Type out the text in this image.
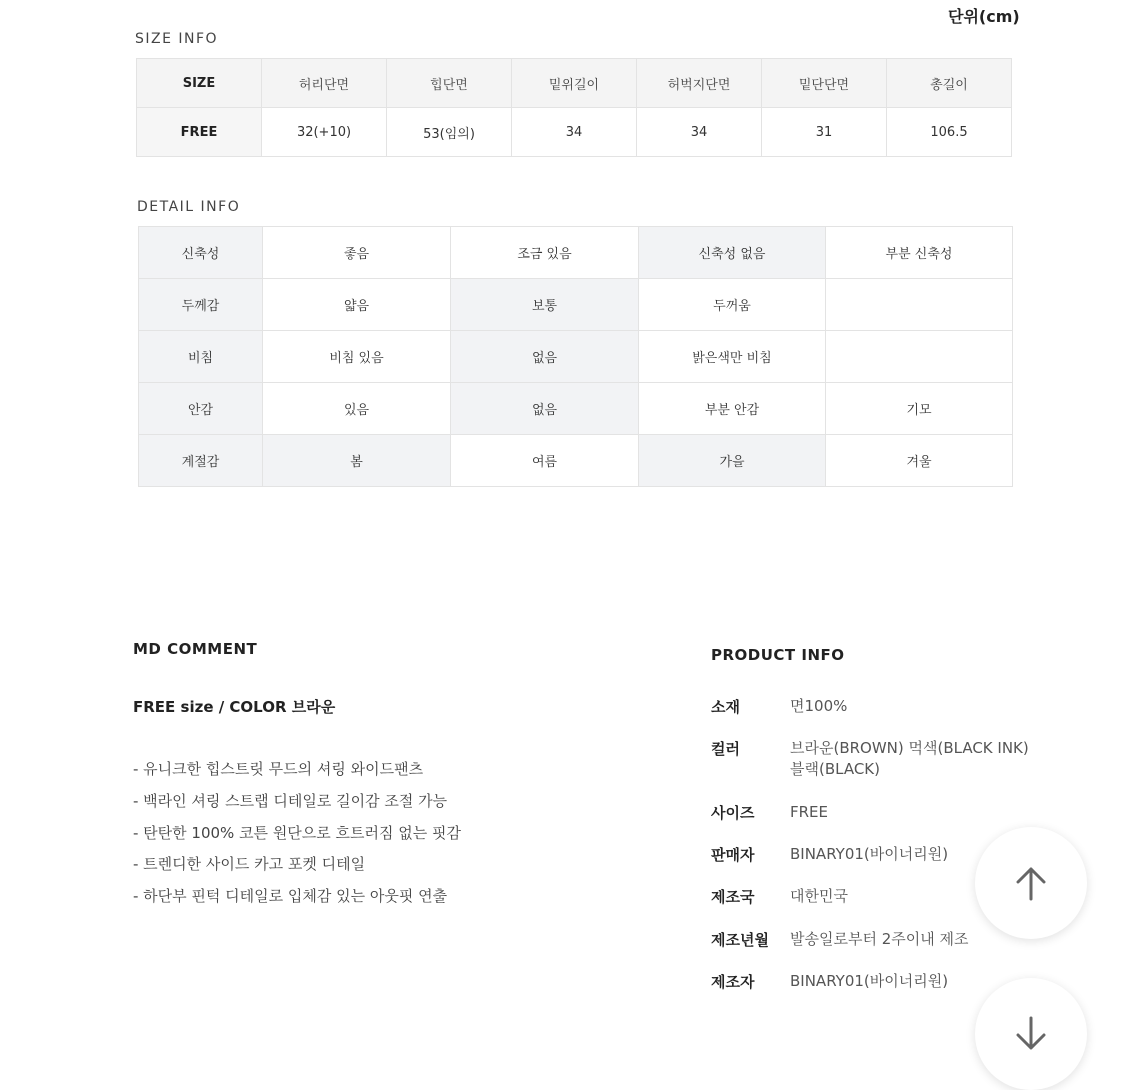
단위(cm)
SIZE INFO
SIZE	허리단면	힙단면	밑위길이	허벅지단면	밑단단면	총길이
FREE	32(+10)	53(임의)	34	34	31	106.5
DETAIL INFO
신축성	좋음	조금 있음	신축성 없음	부분 신축성
두께감	얇음	보통	두꺼움	
비침	비침 있음	없음	밝은색만 비침	
안감	있음	없음	부분 안감	기모
계절감	봄	여름	가을	겨울
MD COMMENT
FREE size / COLOR 브라운
- 유니크한 힙스트릿 무드의 셔링 와이드팬츠
- 백라인 셔링 스트랩 디테일로 길이감 조절 가능
- 탄탄한 100% 코튼 원단으로 흐트러짐 없는 핏감
- 트렌디한 사이드 카고 포켓 디테일
- 하단부 핀턱 디테일로 입체감 있는 아웃핏 연출
PRODUCT INFO
소재	면100%
컬러	브라운(BROWN) 먹색(BLACK INK)
블랙(BLACK)
사이즈 FREE
판매자 BINARY01(바이너리원)
제조국 대한민국
제조년월 발송일로부터 2주이내 제조
제조자 BINARY01(바이너리원)
